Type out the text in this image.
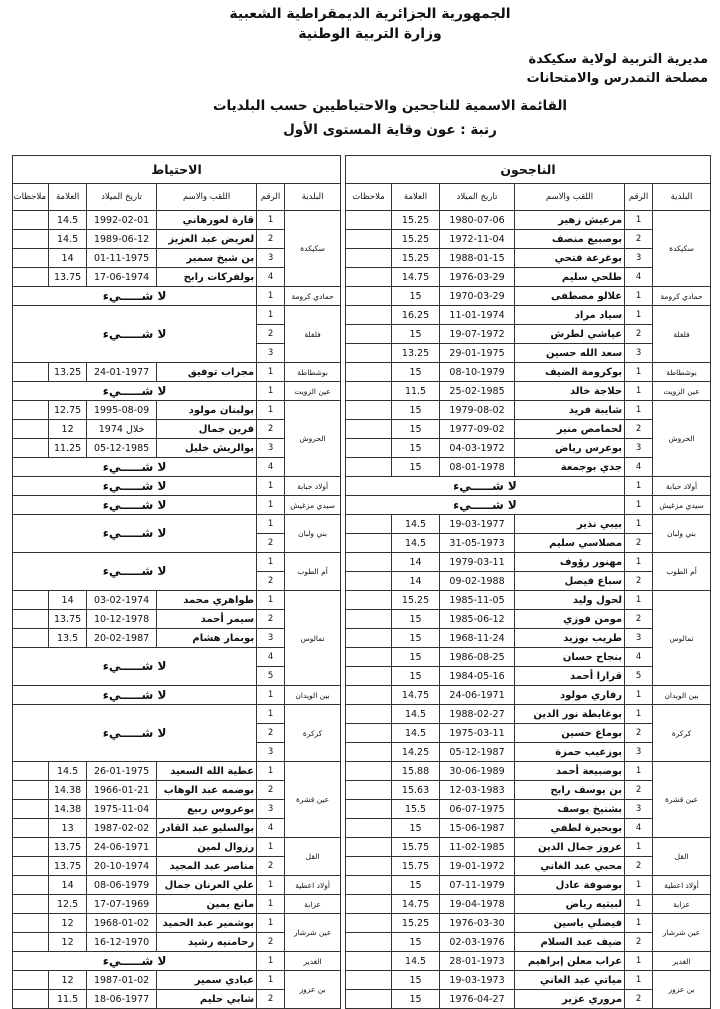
الجمهورية الجزائرية الديمقراطية الشعبية
وزارة التربية الوطنية
مديرية التربية لولاية سكيكدة
مصلحة التمدرس والامتحانات
القائمة الاسمية للناجحين والاحتياطيين حسب البلديات
رتبة : عون وقاية المستوى الأول
الناجحون					
البلدية	الرقم	اللقب والاسم	تاريخ الميلاد	العلامة	ملاحظات
سكيكدة	1	مرعيش زهير	1980-07-06	15.25	
	2	بوصبيع منصف	1972-11-04	15.25	
	3	بوغرعة فتحي	1988-01-15	15.25	
	4	طلحي سليم	1976-03-29	14.75	
حمادي كرومة	1	علالو مصطفى	1970-03-29	15	
فلفلة	1	سياد مراد	11-01-1974	16.25	
	2	عياشي لطرش	19-07-1972	15	
	3	سعد الله حسين	29-01-1975	13.25	
بوشطاطة	1	بوكرومة الضيف	08-10-1979	15	
عين الزويت	1	حلاجة خالد	25-02-1985	11.5	
الحروش	1	شايبة فريد	1979-08-02	15	
	2	لحمامص منير	1977-09-02	15	
	3	بوعرس رياض	04-03-1972	15	
	4	جدي بوجمعة	08-01-1978	15	
أولاد حبابة	1	لا شـــــيء			
سيدي مزغيش	1	لا شـــــيء			
بني ولبان	1	بيبي نذير	19-03-1977	14.5	
	2	مصلاسي سليم	31-05-1973	14.5	
أم الطوب	1	مهنور رؤوف	1979-03-11	14	
	2	سباع فيصل	09-02-1988	14	
تمالوس	1	لحول وليد	1985-11-05	15.25	
	2	مومن فوزي	1985-06-12	15	
	3	طريب بوزيد	1968-11-24	15	
	4	بنجاح حسان	1986-08-25	15	
	5	قرارا أحمد	1984-05-16	15	
بين الويدان	1	رفاري مولود	24-06-1971	14.75	
كركرة	1	بوغابطة نور الدين	1988-02-27	14.5	
	2	بوماغ حسين	1975-03-11	14.5	
	3	بوزعيب حمزة	05-12-1987	14.25	
عين قشرة	1	بوصبيعة أحمد	30-06-1989	15.88	
	2	بن يوسف رابح	12-03-1983	15.63	
	3	بشنيخ يوسف	06-07-1975	15.5	
	4	بوبحيرة لطفي	15-06-1987	15	
القل	1	عروز جمال الدين	11-02-1985	15.75	
	2	محبي عبد الغاني	19-01-1972	15.75	
أولاد اعطية	1	بوصوفة عادل	07-11-1979	15	
عزابة	1	لبيتيه رياض	19-04-1978	14.75	
عين شرشار	1	فيصلي ياسين	1976-03-30	15.25	
	2	ضيف عبد السلام	02-03-1976	15	
الغدير	1	عراب معلن إبراهيم	28-01-1973	14.5	
بن عزوز	1	مياتي عبد الغاني	19-03-1973	15	
	2	مروري عزير	1976-04-27	15	
الاحتياط					
البلدية	الرقم	اللقب والاسم	تاريخ الميلاد	العلامة	ملاحظات
سكيكدة	1	قارة لعورهاني	1992-02-01	14.5	
	2	لعريض عبد العزيز	1989-06-12	14.5	
	3	بن شيخ سمير	01-11-1975	14	
	4	بولفركات رابح	17-06-1974	13.75	
حمادي كرومة	1	لا شـــــيء			
فلفلة	1	لا شـــــيء			
	2				
	3				
بوشطاطة	1	مجراب توفيق	24-01-1977	13.25	
عين الزويت	1	لا شـــــيء			
الحروش	1	بولبنان مولود	1995-08-09	12.75	
	2	فرين جمال	خلال 1974	12	
	3	بوالريش خليل	05-12-1985	11.25	
	4	لا شـــــيء			
أولاد حبابة	1	لا شـــــيء			
سيدي مزغيش	1	لا شـــــيء			
بني ولبان	1	لا شـــــيء			
	2				
أم الطوب	1	لا شـــــيء			
	2				
تمالوس	1	طواهري محمد	03-02-1974	14	
	2	سيمر أحمد	10-12-1978	13.75	
	3	بوبمار هشام	20-02-1987	13.5	
	4	لا شـــــيء			
	5				
بين الويدان	1	لا شـــــيء			
كركرة	1	لا شـــــيء			
	2				
	3				
عين قشرة	1	عطية الله السعيد	26-01-1975	14.5	
	2	بوضمه عبد الوهاب	1966-01-21	14.38	
	3	بوعروس ربيع	1975-11-04	14.38	
	4	بوالسليو عبد القادر	1987-02-02	13	
القل	1	رزوال لمين	24-06-1971	13.75	
	2	مناصر عبد المجيد	20-10-1974	13.75	
أولاد اعطية	1	علي العرنان جمال	08-06-1979	14	
عزابة	1	مانع يمين	17-07-1969	12.5	
عين شرشار	1	بوشمير عبد الحميد	1968-01-02	12	
	2	رحامنيه رشيد	16-12-1970	12	
الغدير	1	لا شـــــيء			
بن عزوز	1	عبادي سمير	1987-01-02	12	
	2	شابي حليم	18-06-1977	11.5	
